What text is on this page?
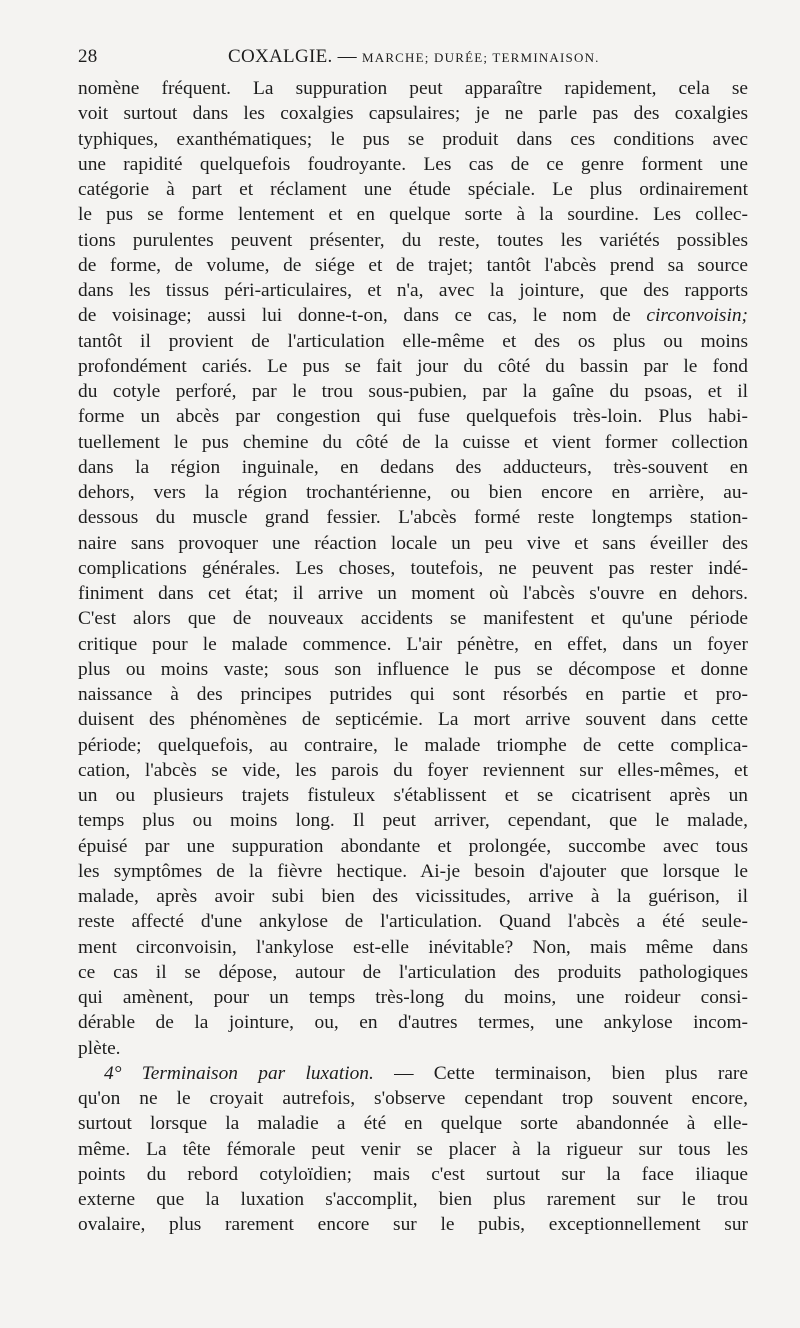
28	COXALGIE. — MARCHE; DURÉE; TERMINAISON.
nomène fréquent. La suppuration peut apparaître rapidement, cela se
voit surtout dans les coxalgies capsulaires; je ne parle pas des coxalgies
typhiques, exanthématiques; le pus se produit dans ces conditions avec
une rapidité quelquefois foudroyante. Les cas de ce genre forment une
catégorie à part et réclament une étude spéciale. Le plus ordinairement
le pus se forme lentement et en quelque sorte à la sourdine. Les collec-
tions purulentes peuvent présenter, du reste, toutes les variétés possibles
de forme, de volume, de siége et de trajet; tantôt l'abcès prend sa source
dans les tissus péri-articulaires, et n'a, avec la jointure, que des rapports
de voisinage; aussi lui donne-t-on, dans ce cas, le nom de circonvoisin;
tantôt il provient de l'articulation elle-même et des os plus ou moins
profondément cariés. Le pus se fait jour du côté du bassin par le fond
du cotyle perforé, par le trou sous-pubien, par la gaîne du psoas, et il
forme un abcès par congestion qui fuse quelquefois très-loin. Plus habi-
tuellement le pus chemine du côté de la cuisse et vient former collection
dans la région inguinale, en dedans des adducteurs, très-souvent en
dehors, vers la région trochantérienne, ou bien encore en arrière, au-
dessous du muscle grand fessier. L'abcès formé reste longtemps station-
naire sans provoquer une réaction locale un peu vive et sans éveiller des
complications générales. Les choses, toutefois, ne peuvent pas rester indé-
finiment dans cet état; il arrive un moment où l'abcès s'ouvre en dehors.
C'est alors que de nouveaux accidents se manifestent et qu'une période
critique pour le malade commence. L'air pénètre, en effet, dans un foyer
plus ou moins vaste; sous son influence le pus se décompose et donne
naissance à des principes putrides qui sont résorbés en partie et pro-
duisent des phénomènes de septicémie. La mort arrive souvent dans cette
période; quelquefois, au contraire, le malade triomphe de cette complica-
cation, l'abcès se vide, les parois du foyer reviennent sur elles-mêmes, et
un ou plusieurs trajets fistuleux s'établissent et se cicatrisent après un
temps plus ou moins long. Il peut arriver, cependant, que le malade,
épuisé par une suppuration abondante et prolongée, succombe avec tous
les symptômes de la fièvre hectique. Ai-je besoin d'ajouter que lorsque le
malade, après avoir subi bien des vicissitudes, arrive à la guérison, il
reste affecté d'une ankylose de l'articulation. Quand l'abcès a été seule-
ment circonvoisin, l'ankylose est-elle inévitable? Non, mais même dans
ce cas il se dépose, autour de l'articulation des produits pathologiques
qui amènent, pour un temps très-long du moins, une roideur consi-
dérable de la jointure, ou, en d'autres termes, une ankylose incom-
plète.
4° Terminaison par luxation. — Cette terminaison, bien plus rare
qu'on ne le croyait autrefois, s'observe cependant trop souvent encore,
surtout lorsque la maladie a été en quelque sorte abandonnée à elle-
même. La tête fémorale peut venir se placer à la rigueur sur tous les
points du rebord cotyloïdien; mais c'est surtout sur la face iliaque
externe que la luxation s'accomplit, bien plus rarement sur le trou
ovalaire, plus rarement encore sur le pubis, exceptionnellement sur
